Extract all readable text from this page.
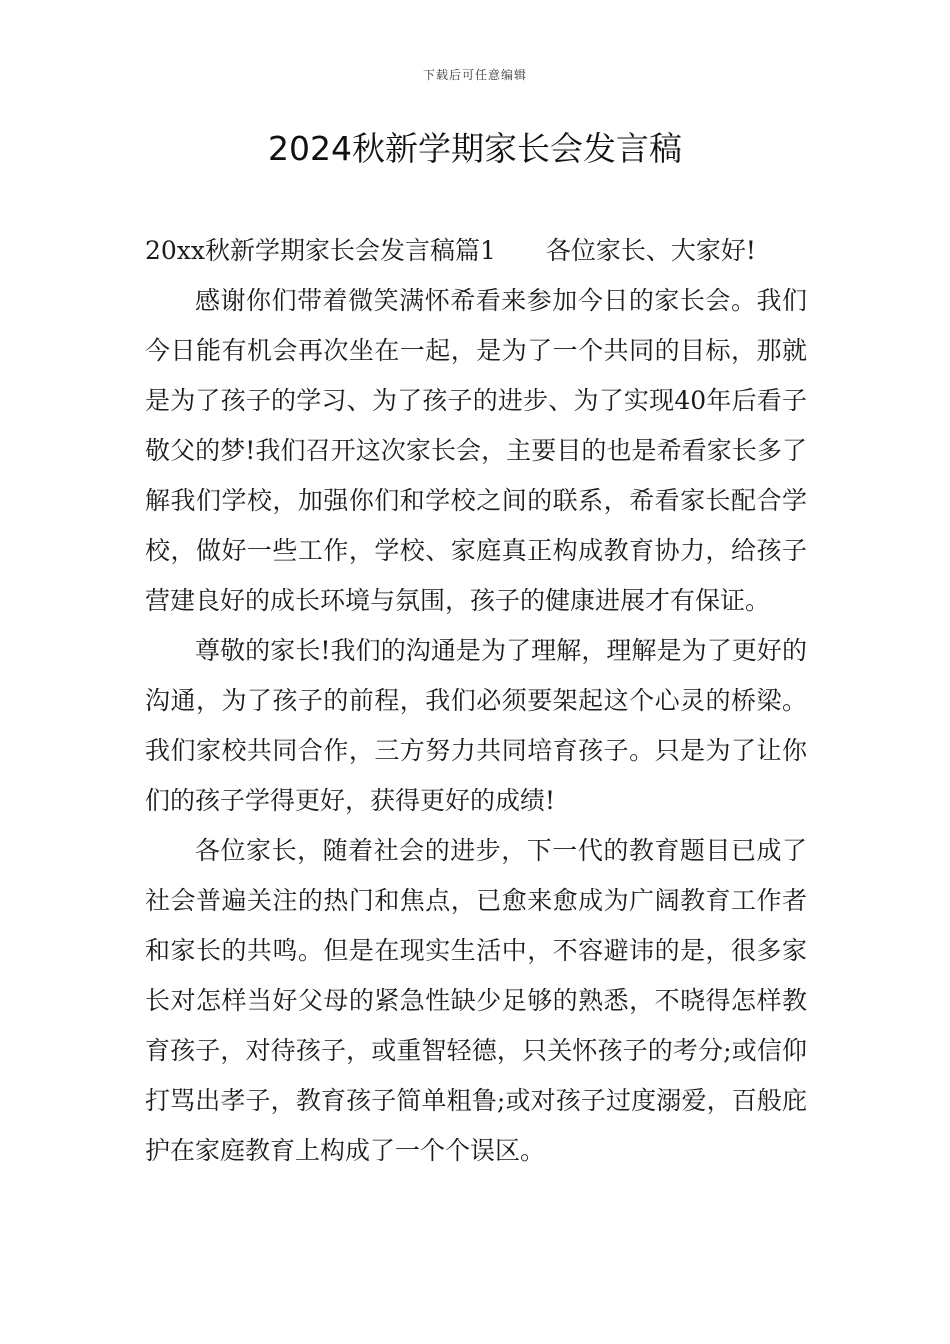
下载后可任意编辑
2024秋新学期家长会发言稿

20xx秋新学期家长会发言稿篇1 各位家长、大家好!

感谢你们带着微笑满怀希看来参加今日的家长会。我们今日能有机会再次坐在一起，是为了一个共同的目标，那就是为了孩子的学习、为了孩子的进步、为了实现40年后看子敬父的梦!我们召开这次家长会，主要目的也是希看家长多了解我们学校，加强你们和学校之间的联系，希看家长配合学校，做好一些工作，学校、家庭真正构成教育协力，给孩子营建良好的成长环境与氛围，孩子的健康进展才有保证。

尊敬的家长!我们的沟通是为了理解，理解是为了更好的沟通，为了孩子的前程，我们必须要架起这个心灵的桥梁。我们家校共同合作，三方努力共同培育孩子。只是为了让你们的孩子学得更好，获得更好的成绩!

各位家长，随着社会的进步，下一代的教育题目已成了社会普遍关注的热门和焦点，已愈来愈成为广阔教育工作者和家长的共鸣。但是在现实生活中，不容避讳的是，很多家长对怎样当好父母的紧急性缺少足够的熟悉，不晓得怎样教育孩子，对待孩子，或重智轻德，只关怀孩子的考分;或信仰打骂出孝子，教育孩子简单粗鲁;或对孩子过度溺爱，百般庇护在家庭教育上构成了一个个误区。
